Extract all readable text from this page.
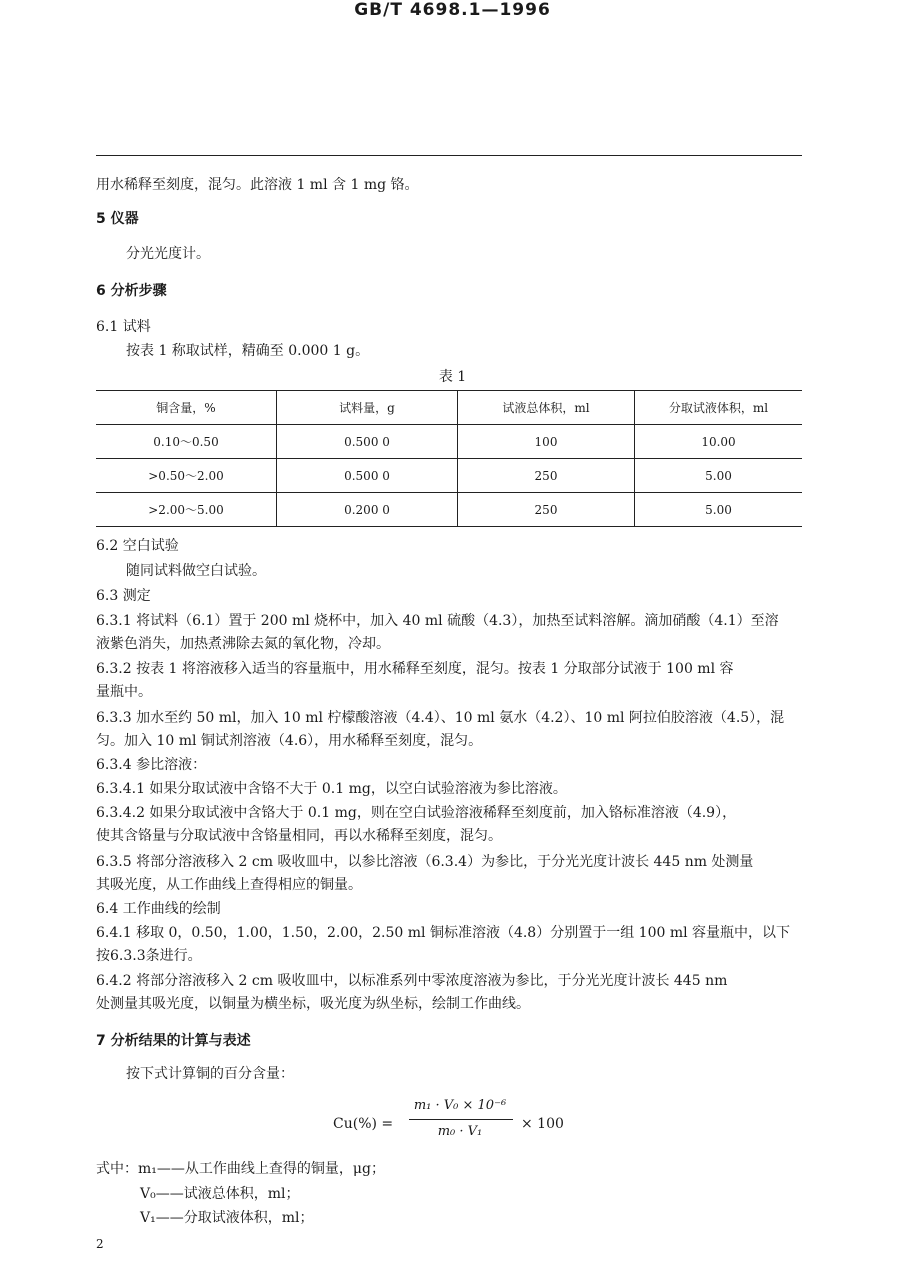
GB/T 4698.1—1996
用水稀释至刻度，混匀。此溶液 1 ml 含 1 mg 铬。
5 仪器
分光光度计。
6 分析步骤
6.1 试料
按表 1 称取试样，精确至 0.000 1 g。
表 1
铜含量，%	试料量，g	试液总体积，ml	分取试液体积，ml
0.10～0.50	0.500 0	100	10.00
>0.50～2.00	0.500 0	250	5.00
>2.00～5.00	0.200 0	250	5.00
6.2 空白试验
随同试料做空白试验。
6.3 测定
6.3.1 将试料（6.1）置于 200 ml 烧杯中，加入 40 ml 硫酸（4.3），加热至试料溶解。滴加硝酸（4.1）至溶
液紫色消失，加热煮沸除去氮的氧化物，冷却。
6.3.2 按表 1 将溶液移入适当的容量瓶中，用水稀释至刻度，混匀。按表 1 分取部分试液于 100 ml 容
量瓶中。
6.3.3 加水至约 50 ml，加入 10 ml 柠檬酸溶液（4.4）、10 ml 氨水（4.2）、10 ml 阿拉伯胶溶液（4.5），混
匀。加入 10 ml 铜试剂溶液（4.6），用水稀释至刻度，混匀。
6.3.4 参比溶液：
6.3.4.1 如果分取试液中含铬不大于 0.1 mg，以空白试验溶液为参比溶液。
6.3.4.2 如果分取试液中含铬大于 0.1 mg，则在空白试验溶液稀释至刻度前，加入铬标准溶液（4.9），
使其含铬量与分取试液中含铬量相同，再以水稀释至刻度，混匀。
6.3.5 将部分溶液移入 2 cm 吸收皿中，以参比溶液（6.3.4）为参比，于分光光度计波长 445 nm 处测量
其吸光度，从工作曲线上查得相应的铜量。
6.4 工作曲线的绘制
6.4.1 移取 0，0.50，1.00，1.50，2.00，2.50 ml 铜标准溶液（4.8）分别置于一组 100 ml 容量瓶中，以下
按6.3.3条进行。
6.4.2 将部分溶液移入 2 cm 吸收皿中，以标准系列中零浓度溶液为参比，于分光光度计波长 445 nm
处测量其吸光度，以铜量为横坐标，吸光度为纵坐标，绘制工作曲线。
7 分析结果的计算与表述
按下式计算铜的百分含量：
Cu(%) =
m₁ · V₀ × 10⁻⁶
m₀ · V₁	× 100
式中：m₁——从工作曲线上查得的铜量，μg；
V₀——试液总体积，ml；
V₁——分取试液体积，ml；
2
